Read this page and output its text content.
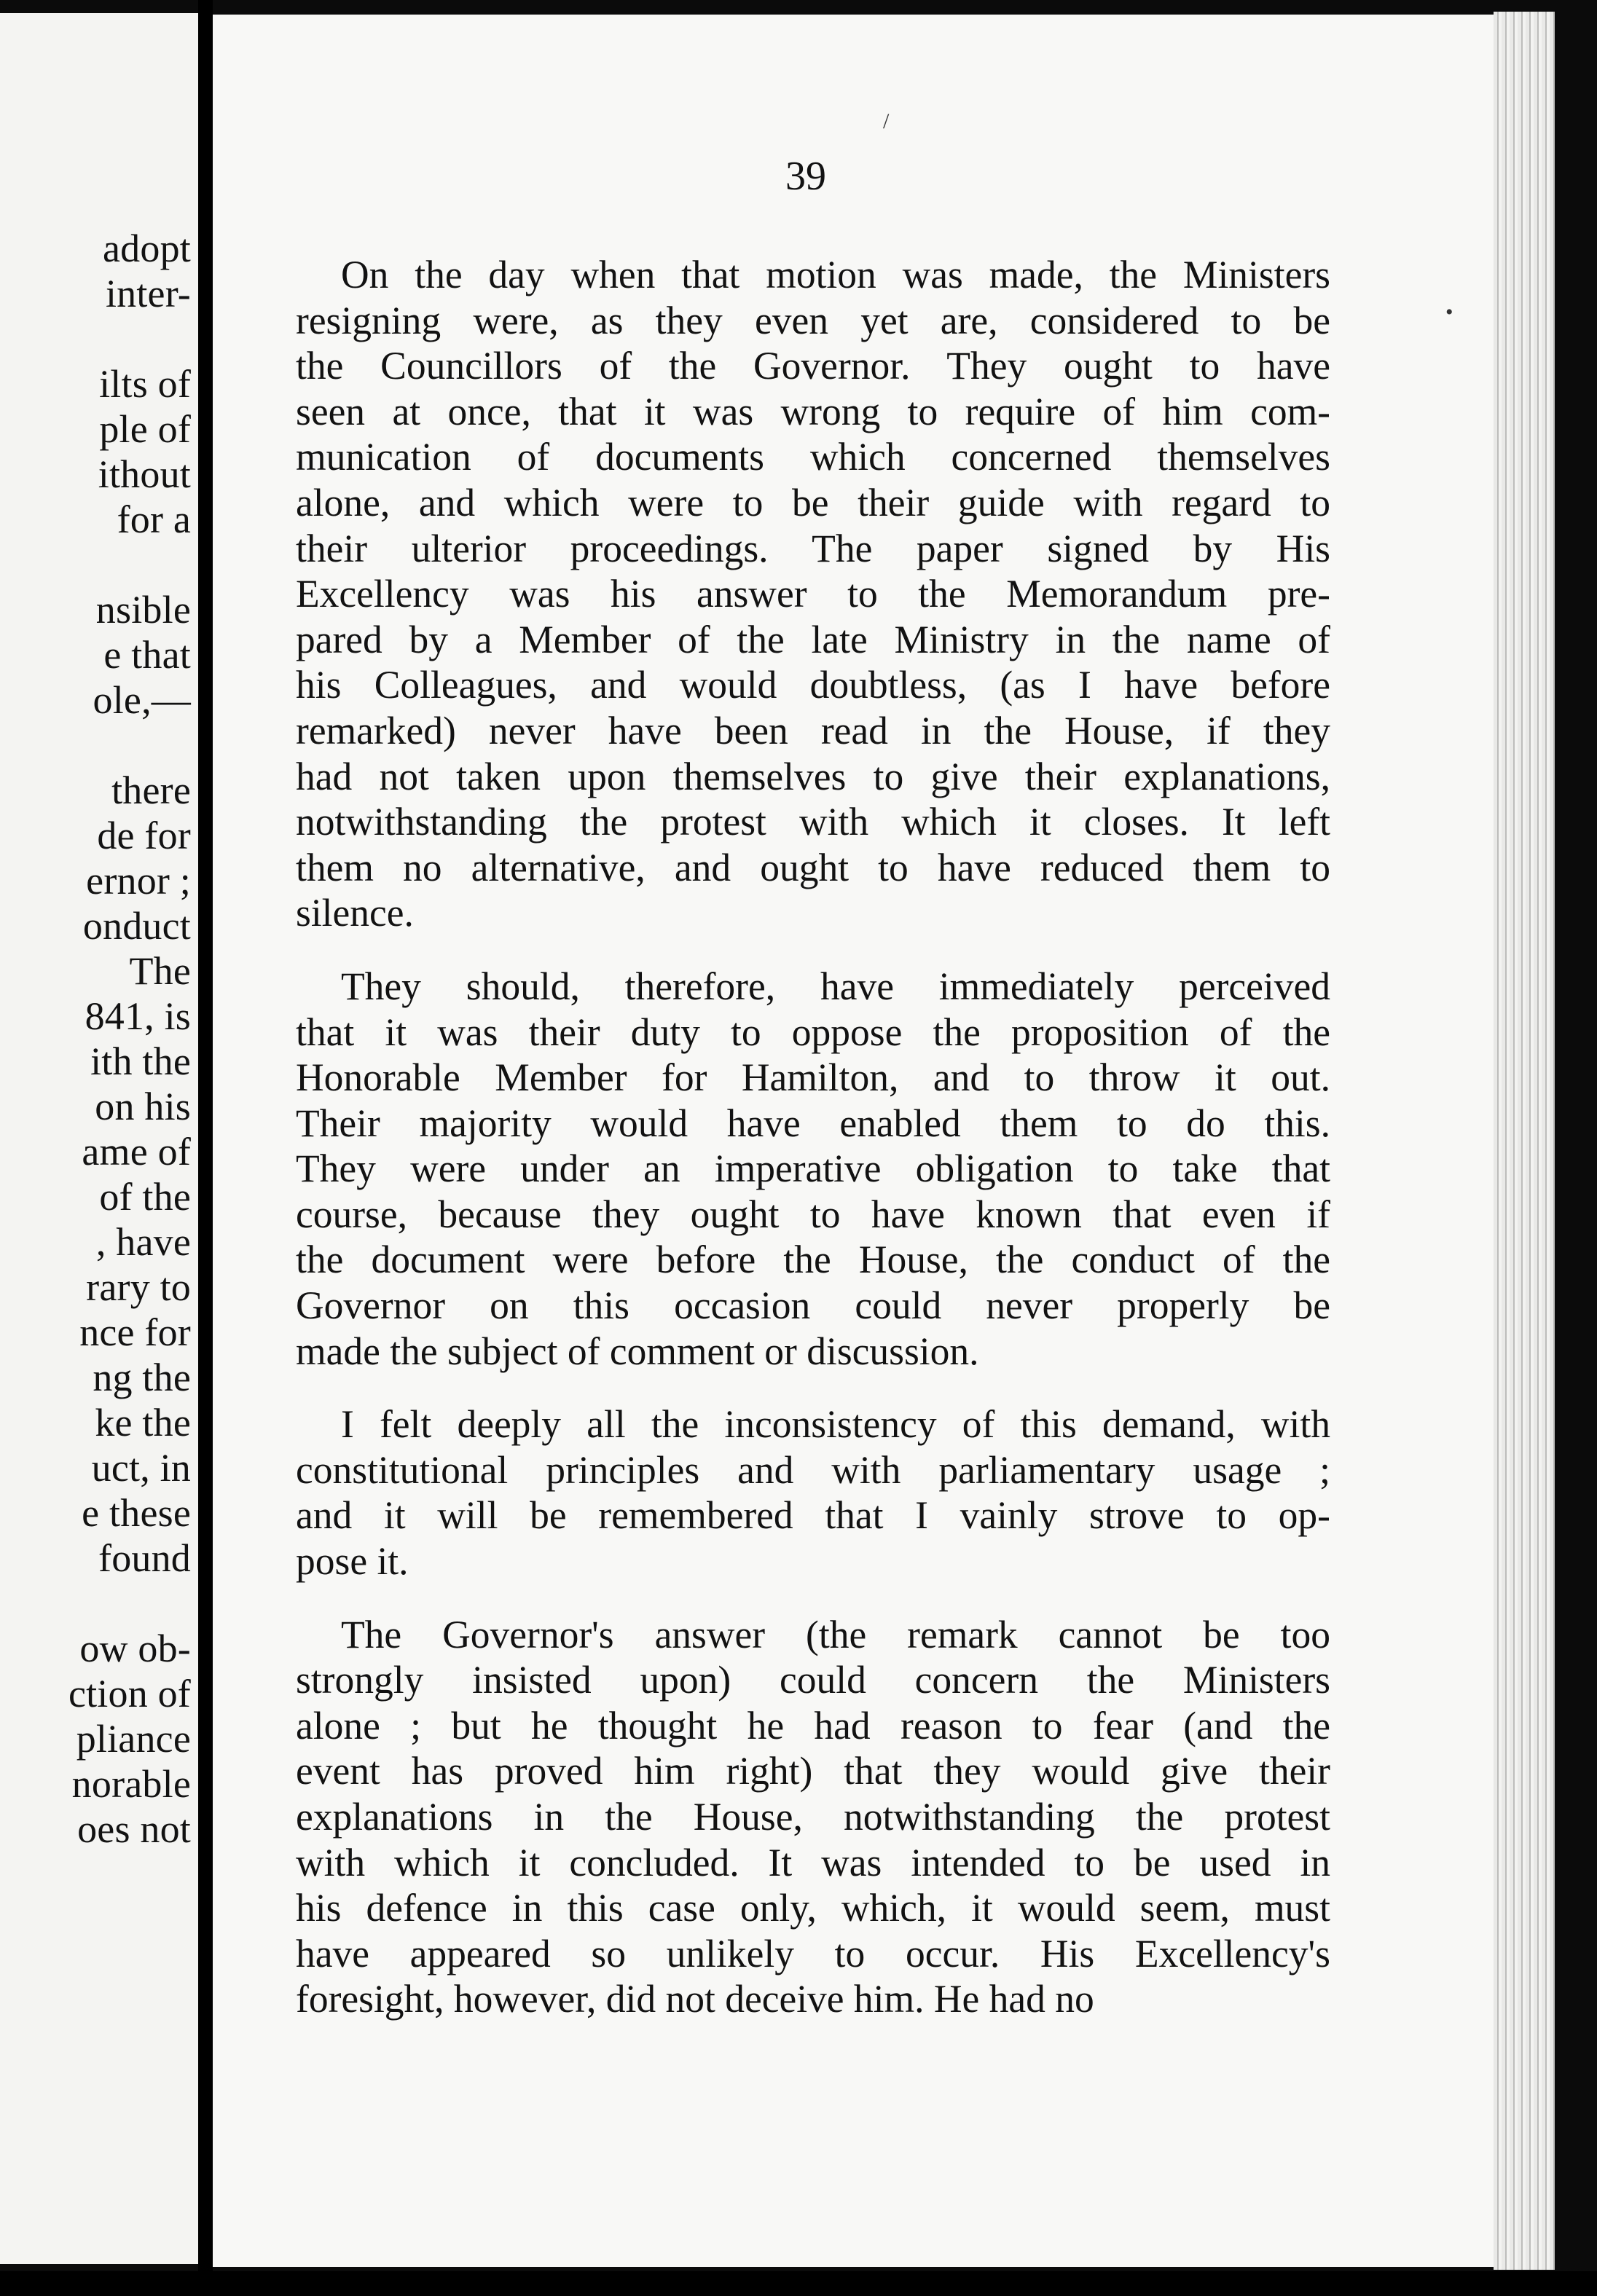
adopt
inter-

ilts of
ple of
ithout
for a

nsible
e that
ole,—

there
de for
ernor ;
onduct
The
841, is
ith the
on his
ame of
of the
, have
rary to
nce for
ng the
ke the
uct, in
e these
found

ow ob-
ction of
pliance
norable
oes not
39
On the day when that motion was made, the Ministers
resigning were, as they even yet are, considered to be
the Councillors of the Governor. They ought to have
seen at once, that it was wrong to require of him com-
munication of documents which concerned themselves
alone, and which were to be their guide with regard to
their ulterior proceedings. The paper signed by His
Excellency was his answer to the Memorandum pre-
pared by a Member of the late Ministry in the name of
his Colleagues, and would doubtless, (as I have before
remarked) never have been read in the House, if they
had not taken upon themselves to give their explanations,
notwithstanding the protest with which it closes. It left
them no alternative, and ought to have reduced them to
silence.
They should, therefore, have immediately perceived
that it was their duty to oppose the proposition of the
Honorable Member for Hamilton, and to throw it out.
Their majority would have enabled them to do this.
They were under an imperative obligation to take that
cours͏e, because they ought to have known that even if
the document were before the House, the conduct of the
Governor on this occasion could never properly be
made the subject of comment or discussion.
I felt deeply all the inconsistency of this demand, with
constitutional principles and with parliamentary usage ;
and it will be remembered that I vainly strove to op-
pose it.
The Governor's answer (the remark cannot be too
strongly insisted upon) could concern the Ministers
alone ; but he thought he had reason to fear (and the
event has proved him right) that they would give their
explanations in the House, notwithstanding the protest
with which it concluded. It was intended to be used in
his defence in this case only, which, it would seem, must
have appeared so unlikely to occur. His Excellency's
foresight, however, did not deceive him. He had no
/
•
